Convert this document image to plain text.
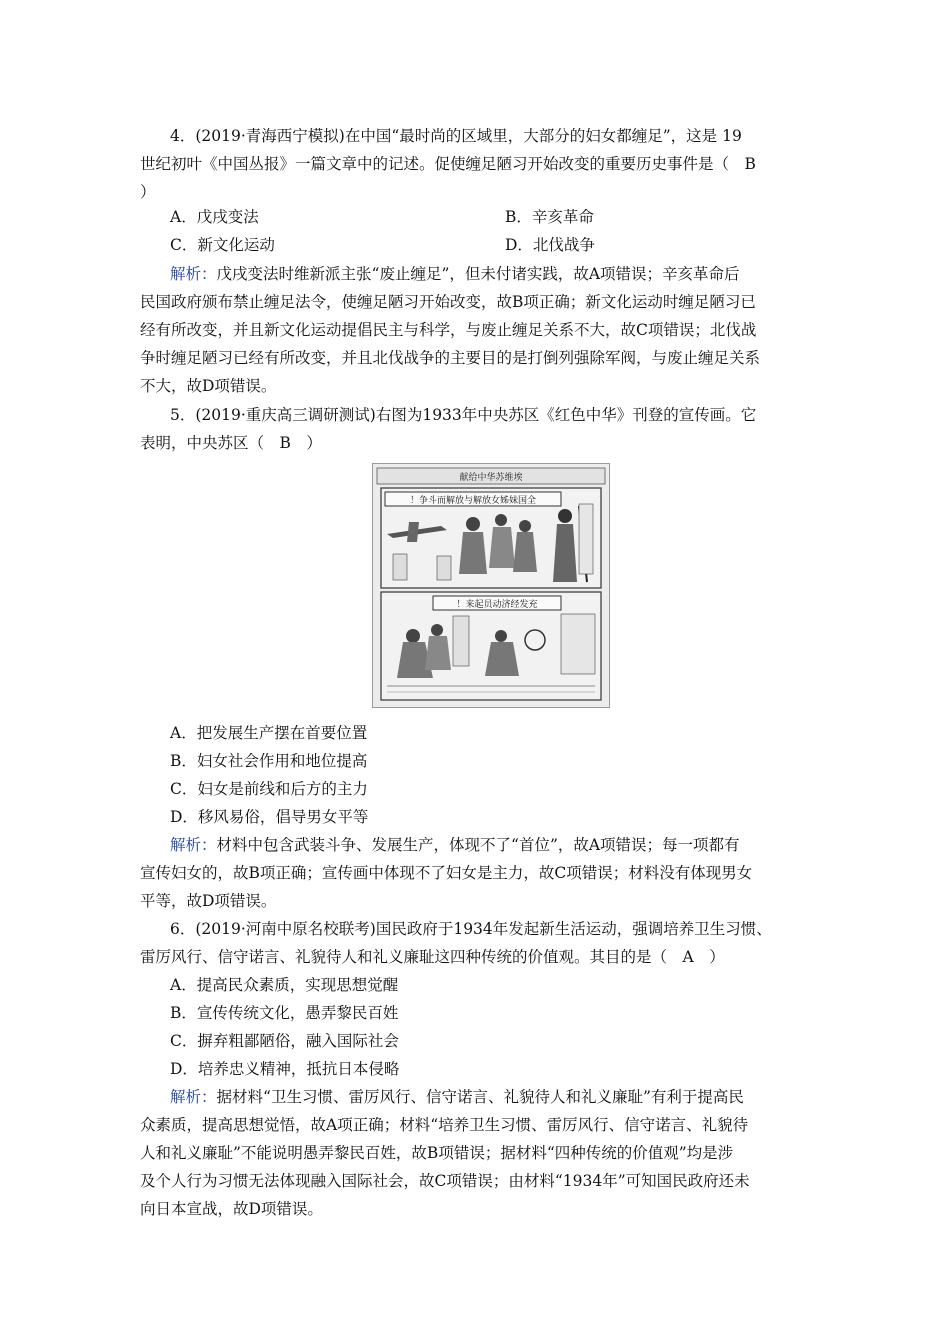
4．(2019·青海西宁模拟)在中国“最时尚的区域里，大部分的妇女都缠足”，这是 19
世纪初叶《中国丛报》一篇文章中的记述。促使缠足陋习开始改变的重要历史事件是（　B
）
A．戊戌变法	B．辛亥革命
C．新文化运动	D．北伐战争
解析：戊戌变法时维新派主张“废止缠足”，但未付诸实践，故A项错误；辛亥革命后
民国政府颁布禁止缠足法令，使缠足陋习开始改变，故B项正确；新文化运动时缠足陋习已
经有所改变，并且新文化运动提倡民主与科学，与废止缠足关系不大，故C项错误；北伐战
争时缠足陋习已经有所改变，并且北伐战争的主要目的是打倒列强除军阀，与废止缠足关系
不大，故D项错误。
5．(2019·重庆高三调研测试)右图为1933年中央苏区《红色中华》刊登的宣传画。它
表明，中央苏区（　B　）
献给中华苏维埃
！争斗而解放与解放女姊妹国全
！来起员动济经发充
A．把发展生产摆在首要位置
B．妇女社会作用和地位提高
C．妇女是前线和后方的主力
D．移风易俗，倡导男女平等
解析：材料中包含武装斗争、发展生产，体现不了“首位”，故A项错误；每一项都有
宣传妇女的，故B项正确；宣传画中体现不了妇女是主力，故C项错误；材料没有体现男女
平等，故D项错误。
6．(2019·河南中原名校联考)国民政府于1934年发起新生活运动，强调培养卫生习惯、
雷厉风行、信守诺言、礼貌待人和礼义廉耻这四种传统的价值观。其目的是（　A　）
A．提高民众素质，实现思想觉醒
B．宣传传统文化，愚弄黎民百姓
C．摒弃粗鄙陋俗，融入国际社会
D．培养忠义精神，抵抗日本侵略
解析：据材料“卫生习惯、雷厉风行、信守诺言、礼貌待人和礼义廉耻”有利于提高民
众素质，提高思想觉悟，故A项正确；材料“培养卫生习惯、雷厉风行、信守诺言、礼貌待
人和礼义廉耻”不能说明愚弄黎民百姓，故B项错误；据材料“四种传统的价值观”均是涉
及个人行为习惯无法体现融入国际社会，故C项错误；由材料“1934年”可知国民政府还未
向日本宣战，故D项错误。
